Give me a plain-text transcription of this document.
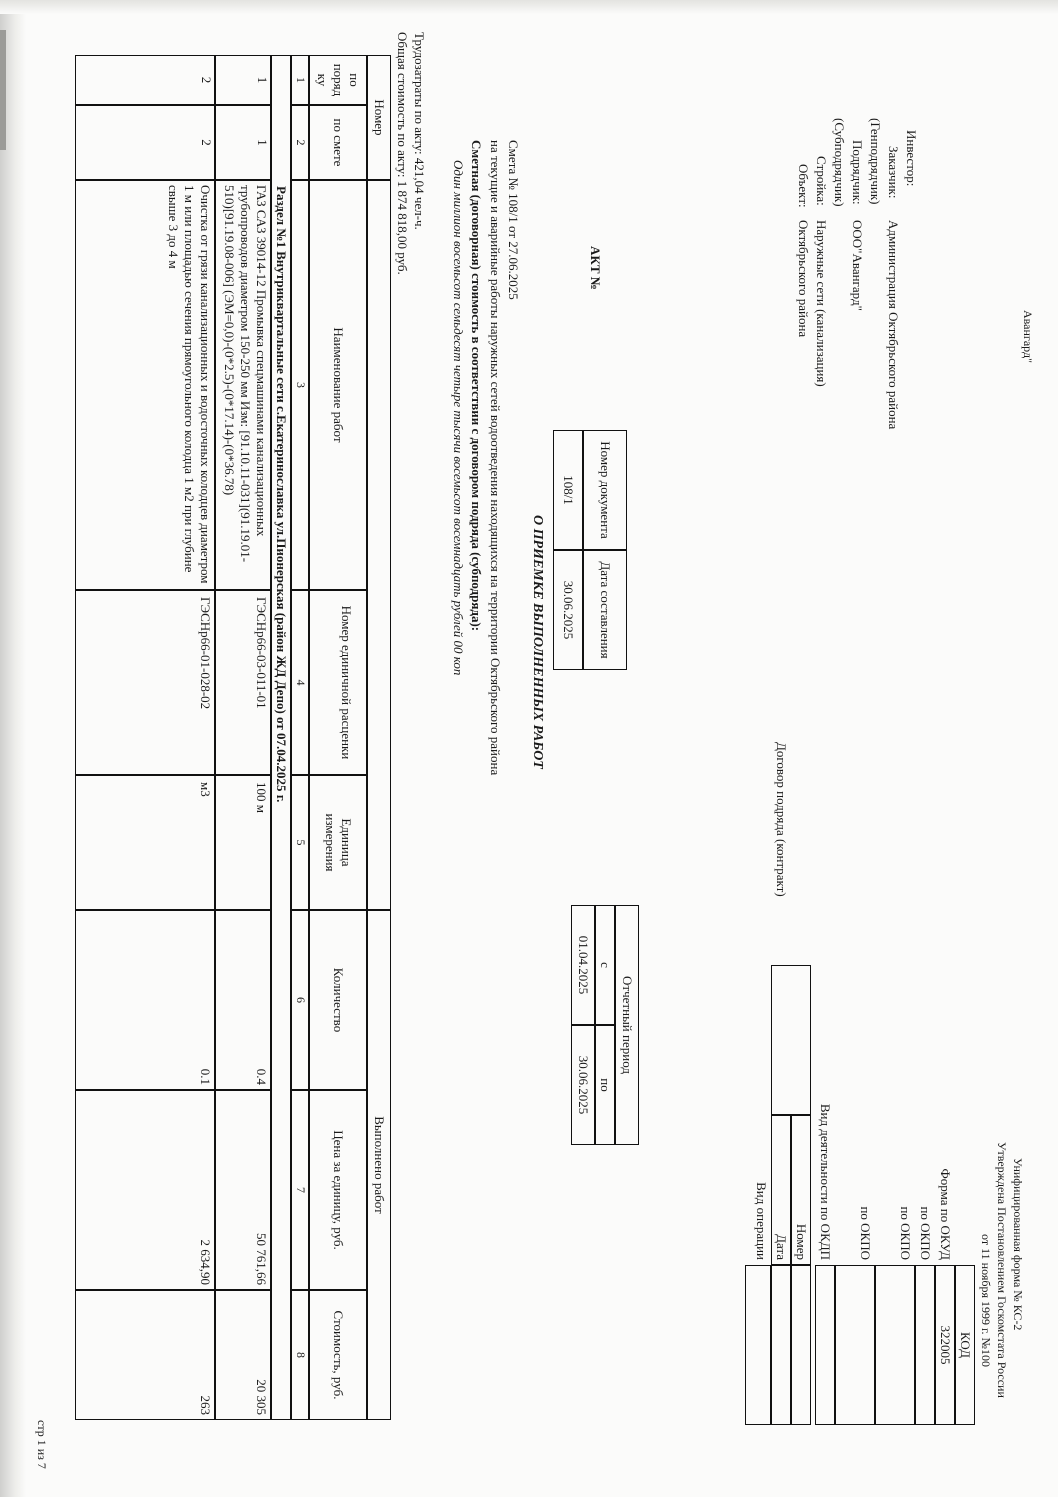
Авангард"
Унифицированная форма № КС-2
Утверждена Постановлением Госкомстата России
от 11 ноября 1999 г. №100
КОД
Форма по ОКУД
322005
по ОКПО
по ОКПО
по ОКПО
Вид деятельности по ОКДП
Договор подряда (контракт)
Номер
Дата
Вид операции
Инвестор:
Заказчик:
Администрация Октябрьского района
(Генподрядчик)
Подрядчик:
ООО"Авангард"
(Субподрядчик)
Стройка:
Наружные сети (канализация)
Объект:
Октябрьского района
Номер документа
Дата составления
108/1
30.06.2025
АКТ №
Отчетный период
с
по
01.04.2025
30.06.2025
О ПРИЕМКЕ ВЫПОЛНЕННЫХ РАБОТ
Смета № 108/1 от 27.06.2025
на текущие и аварийные работы наружных сетей водоотведения находящихся на территории Октябрьского района
Сметная (договорная) стоимость в соответствии с договором подряда (субподряда):
Один миллион восемьсот семьдесят четыре тысячи восемьсот восемнадцать рублей 00 коп
Трудозатраты по акту: 421,04 чел-ч.
Общая стоимость по акту: 1 874 818,00 руб.
Номер
Выполнено работ
по поряд ку
по смете
Наименование работ
Номер единичной расценки
Единица измерения
Количество
Цена за единицу, руб.
Стоимость, руб.
1
2
3
4
5
6
7
8
Раздел №1 Внутриквартальные сети с.Екатеринославка ул.Пионерская (район ЖД Депо) от 07.04.2025 г.
1
1
ГАЗ САЗ 39014-12 Промывка спецмашинами канализационных трубопроводов диаметром 150-250 мм Изм: [91.10.11-031](91.19.01-510)[91.19.08-006] (ЭМ=0,0)-(0*2.5)-(0*17.14)-(0*36.78)
ГЭСНр66-03-011-01
100 м
0.4
50 761,66
20 305
2
2
Очистка от грязи канализационных и водосточных колодцев диаметром 1 м или площадью сечения прямоугольного колодца 1 м2 при глубине свыше 3 до 4 м
ГЭСНр66-01-028-02
м3
0.1
2 634,90
263
стр 1 из 7
